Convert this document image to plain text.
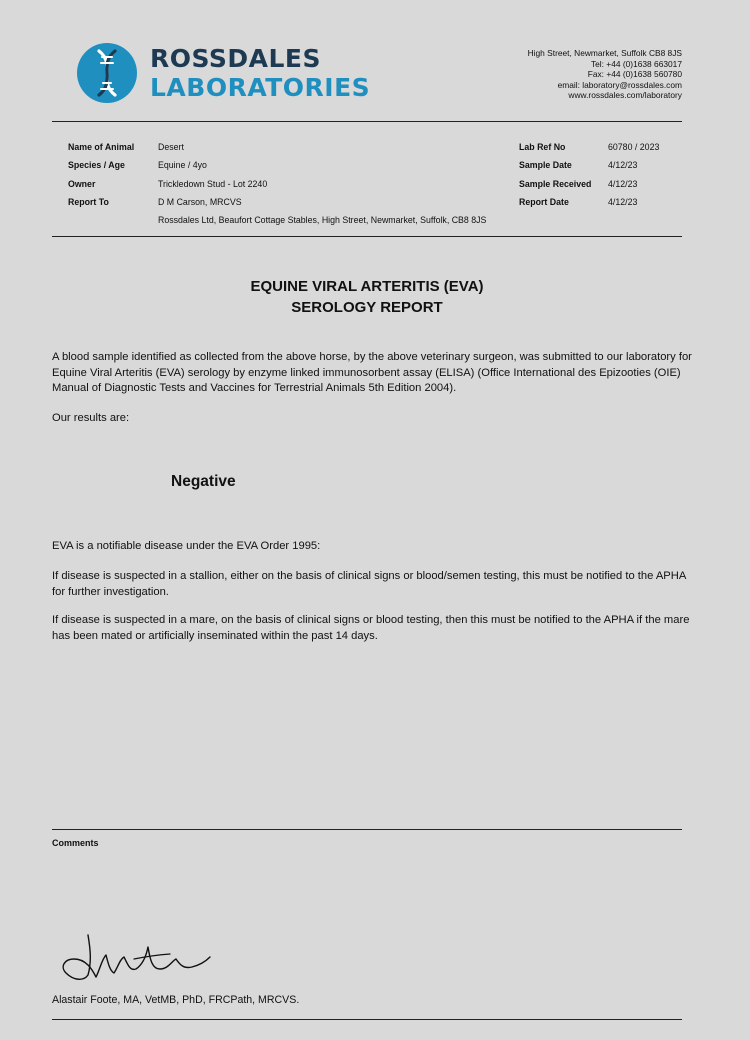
ROSSDALES
LABORATORIES
High Street, Newmarket, Suffolk CB8 8JS
Tel: +44 (0)1638 663017
Fax: +44 (0)1638 560780
email: laboratory@rossdales.com
www.rossdales.com/laboratory
Name of Animal	Desert
Species / Age	Equine / 4yo
Owner	Trickledown Stud - Lot 2240
Report To	D M Carson, MRCVS
Rossdales Ltd, Beaufort Cottage Stables, High Street, Newmarket, Suffolk, CB8 8JS
Lab Ref No	60780 / 2023
Sample Date	4/12/23
Sample Received 4/12/23
Report Date	4/12/23
EQUINE VIRAL ARTERITIS (EVA)
SEROLOGY REPORT
A blood sample identified as collected from the above horse, by the above veterinary surgeon, was submitted to our laboratory for Equine Viral Arteritis (EVA) serology by enzyme linked immunosorbent assay (ELISA) (Office International des Epizooties (OIE) Manual of Diagnostic Tests and Vaccines for Terrestrial Animals 5th Edition 2004).
Our results are:
Negative
EVA is a notifiable disease under the EVA Order 1995:
If disease is suspected in a stallion, either on the basis of clinical signs or blood/semen testing, this must be notified to the APHA for further investigation.
If disease is suspected in a mare, on the basis of clinical signs or blood testing, then this must be notified to the APHA if the mare has been mated or artificially inseminated within the past 14 days.
Comments
Alastair Foote, MA, VetMB, PhD, FRCPath, MRCVS.
